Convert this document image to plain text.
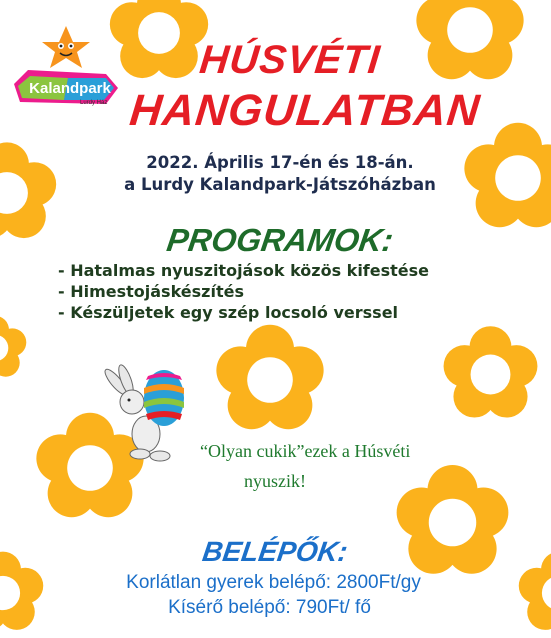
Kalandpark
Lurdy Ház
HÚSVÉTI
HANGULATBAN
2022. Április 17-én és 18-án.
a Lurdy Kalandpark-Játszóházban
PROGRAMOK:
- Hatalmas nyuszitojások közös kifestése
- Himestojáskészítés
- Készüljetek egy szép locsoló verssel
“Olyan cukik”ezek a Húsvéti
nyuszik!
BELÉPŐK:
Korlátlan gyerek belépő: 2800Ft/gy
Kísérő belépő: 790Ft/ fő
